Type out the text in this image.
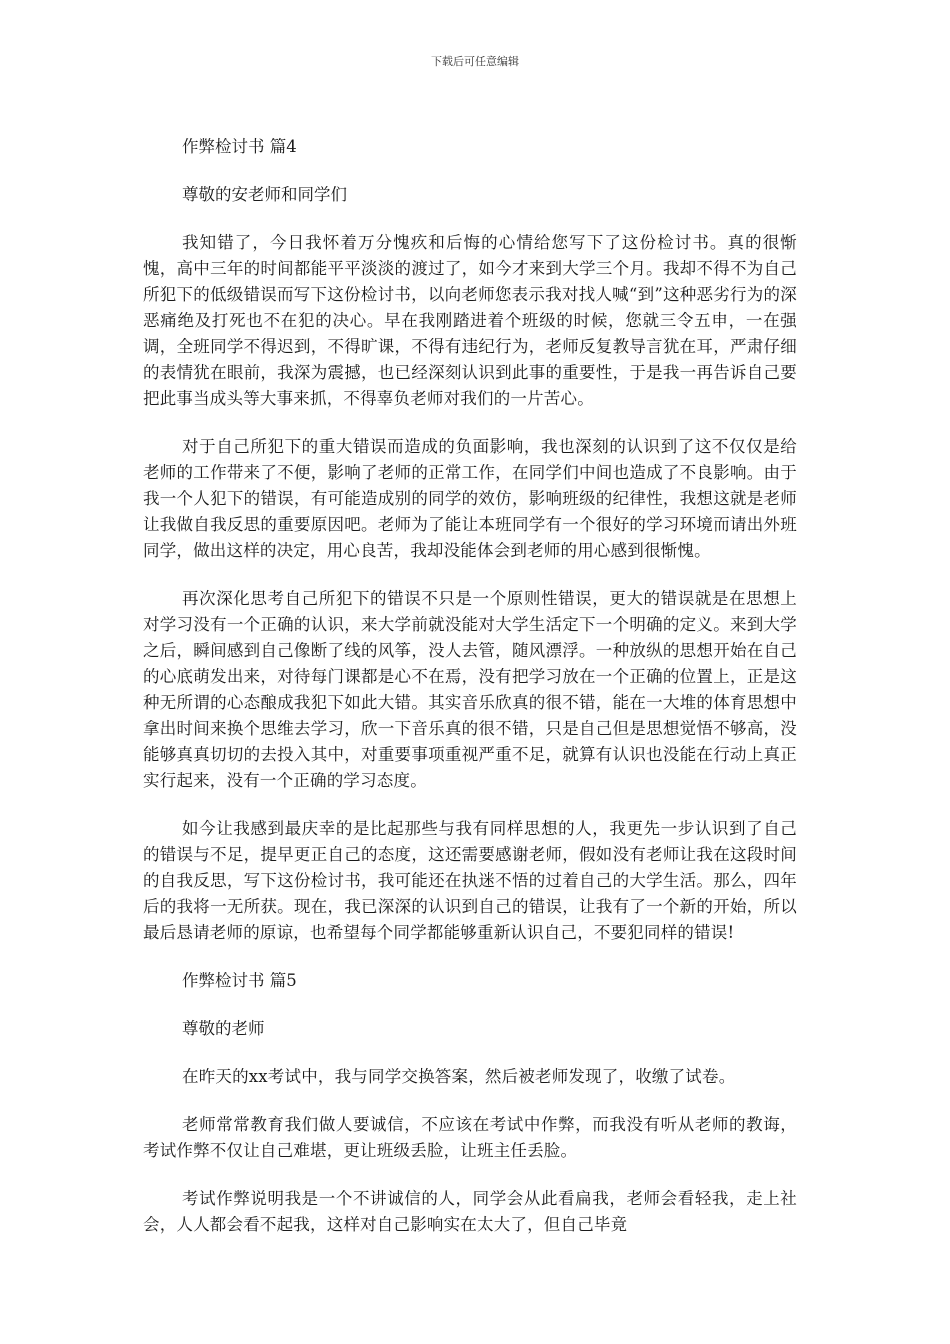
下载后可任意编辑
作弊检讨书 篇4
尊敬的安老师和同学们

我知错了，今日我怀着万分愧疚和后悔的心情给您写下了这份检讨书。真的很惭愧，高中三年的时间都能平平淡淡的渡过了，如今才来到大学三个月。我却不得不为自己所犯下的低级错误而写下这份检讨书，以向老师您表示我对找人喊“到”这种恶劣行为的深恶痛绝及打死也不在犯的决心。早在我刚踏进着个班级的时候，您就三令五申，一在强调，全班同学不得迟到，不得旷课，不得有违纪行为，老师反复教导言犹在耳，严肃仔细的表情犹在眼前，我深为震撼，也已经深刻认识到此事的重要性，于是我一再告诉自己要把此事当成头等大事来抓，不得辜负老师对我们的一片苦心。

对于自己所犯下的重大错误而造成的负面影响，我也深刻的认识到了这不仅仅是给老师的工作带来了不便，影响了老师的正常工作，在同学们中间也造成了不良影响。由于我一个人犯下的错误，有可能造成别的同学的效仿，影响班级的纪律性，我想这就是老师让我做自我反思的重要原因吧。老师为了能让本班同学有一个很好的学习环境而请出外班同学，做出这样的决定，用心良苦，我却没能体会到老师的用心感到很惭愧。

再次深化思考自己所犯下的错误不只是一个原则性错误，更大的错误就是在思想上对学习没有一个正确的认识，来大学前就没能对大学生活定下一个明确的定义。来到大学之后，瞬间感到自己像断了线的风筝，没人去管，随风漂浮。一种放纵的思想开始在自己的心底萌发出来，对待每门课都是心不在焉，没有把学习放在一个正确的位置上，正是这种无所谓的心态酿成我犯下如此大错。其实音乐欣真的很不错，能在一大堆的体育思想中拿出时间来换个思维去学习，欣一下音乐真的很不错，只是自己但是思想觉悟不够高，没能够真真切切的去投入其中，对重要事项重视严重不足，就算有认识也没能在行动上真正实行起来，没有一个正确的学习态度。

如今让我感到最庆幸的是比起那些与我有同样思想的人，我更先一步认识到了自己的错误与不足，提早更正自己的态度，这还需要感谢老师，假如没有老师让我在这段时间的自我反思，写下这份检讨书，我可能还在执迷不悟的过着自己的大学生活。那么，四年后的我将一无所获。现在，我已深深的认识到自己的错误，让我有了一个新的开始，所以最后恳请老师的原谅，也希望每个同学都能够重新认识自己，不要犯同样的错误!

作弊检讨书 篇5
尊敬的老师

在昨天的xx考试中，我与同学交换答案，然后被老师发现了，收缴了试卷。

老师常常教育我们做人要诚信，不应该在考试中作弊，而我没有听从老师的教诲，考试作弊不仅让自己难堪，更让班级丢脸，让班主任丢脸。

考试作弊说明我是一个不讲诚信的人，同学会从此看扁我，老师会看轻我，走上社会，人人都会看不起我，这样对自己影响实在太大了，但自己毕竟
